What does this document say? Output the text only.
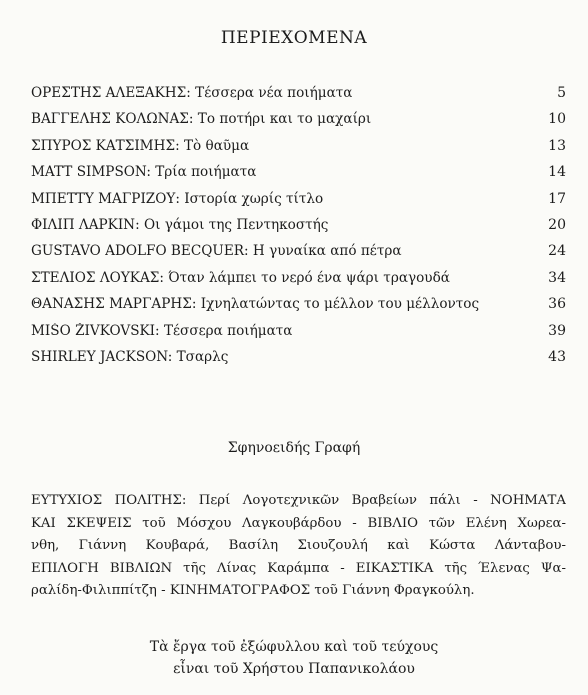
ΠΕΡΙΕΧΟΜΕΝΑ
ΟΡΕΣΤΗΣ ΑΛΕΞΑΚΗΣ: Τέσσερα νέα ποιήματα	5
ΒΑΓΓΕΛΗΣ ΚΟΛΩΝΑΣ: Το ποτήρι και το μαχαίρι	10
ΣΠΥΡΟΣ ΚΑΤΣΙΜΗΣ: Τὸ θαῦμα	13
MATT SIMPSON: Τρία ποιήματα	14
ΜΠΕΤΤΥ ΜΑΓΡΙΖΟΥ: Ιστορία χωρίς τίτλο	17
ΦΙΛΙΠ ΛΑΡΚΙΝ: Οι γάμοι της Πεντηκοστής	20
GUSTAVO ADOLFO BECQUER: Η γυναίκα από πέτρα	24
ΣΤΕΛΙΟΣ ΛΟΥΚΑΣ: Όταν λάμπει το νερό ένα ψάρι τραγουδά	34
ΘΑΝΑΣΗΣ ΜΑΡΓΑΡΗΣ: Ιχνηλατώντας το μέλλον του μέλλοντος	36
MIŠO ŽIVKOVSKI: Τέσσερα ποιήματα	39
SHIRLEY JACKSON: Τσαρλς	43
Σφηνοειδής Γραφή
ΕΥΤΥΧΙΟΣ ΠΟΛΙΤΗΣ: Περί Λογοτεχνικῶν Βραβείων πάλι - ΝΟΗΜΑΤΑ
ΚΑΙ ΣΚΕΨΕΙΣ τοῦ Μόσχου Λαγκουβάρδου - ΒΙΒΛΙΟ τῶν Ελένη Χωρεα-
νθη, Γιάννη Κουβαρά, Βασίλη Σιουζουλή καὶ Κώστα Λάνταβου-
ΕΠΙΛΟΓΗ ΒΙΒΛΙΩΝ τῆς Λίνας Καράμπα - ΕΙΚΑΣΤΙΚΑ τῆς Έλενας Ψα-
ραλίδη-Φιλιππίτζη - ΚΙΝΗΜΑΤΟΓΡΑΦΟΣ τοῦ Γιάννη Φραγκούλη.
Τὰ ἔργα τοῦ ἐξώφυλλου καὶ τοῦ τεύχους
εἶναι τοῦ Χρήστου Παπανικολάου
